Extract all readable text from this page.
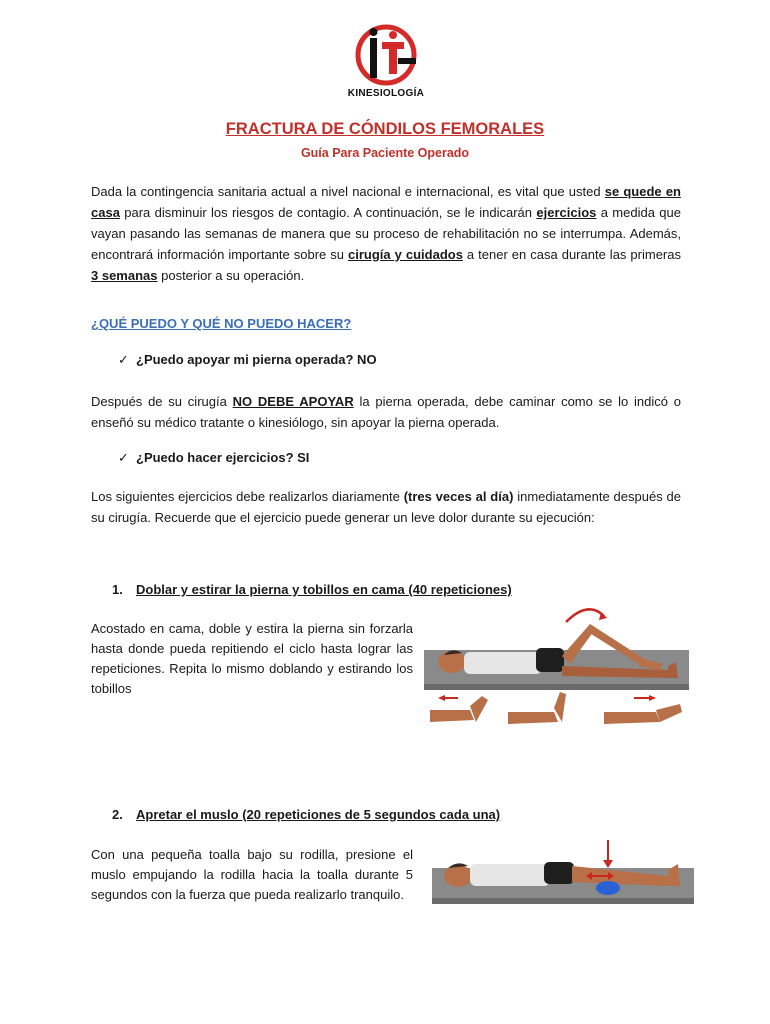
KINESIOLOGÍA
FRACTURA DE CÓNDILOS FEMORALES
Guía Para Paciente Operado
Dada la contingencia sanitaria actual a nivel nacional e internacional, es vital que usted se quede en casa para disminuir los riesgos de contagio. A continuación, se le indicarán ejercicios a medida que vayan pasando las semanas de manera que su proceso de rehabilitación no se interrumpa. Además, encontrará información importante sobre su cirugía y cuidados a tener en casa durante las primeras 3 semanas posterior a su operación.
¿QUÉ PUEDO Y QUÉ NO PUEDO HACER?
✓ ¿Puedo apoyar mi pierna operada? NO
Después de su cirugía NO DEBE APOYAR la pierna operada, debe caminar como se lo indicó o enseñó su médico tratante o kinesiólogo, sin apoyar la pierna operada.
✓ ¿Puedo hacer ejercicios? SI
Los siguientes ejercicios debe realizarlos diariamente (tres veces al día) inmediatamente después de su cirugía. Recuerde que el ejercicio puede generar un leve dolor durante su ejecución:
1. Doblar y estirar la pierna y tobillos en cama (40 repeticiones)
Acostado en cama, doble y estira la pierna sin forzarla hasta donde pueda repitiendo el ciclo hasta lograr las repeticiones. Repita lo mismo doblando y estirando los tobillos
2. Apretar el muslo (20 repeticiones de 5 segundos cada una)
Con una pequeña toalla bajo su rodilla, presione el muslo empujando la rodilla hacia la toalla durante 5 segundos con la fuerza que pueda realizarlo tranquilo.
